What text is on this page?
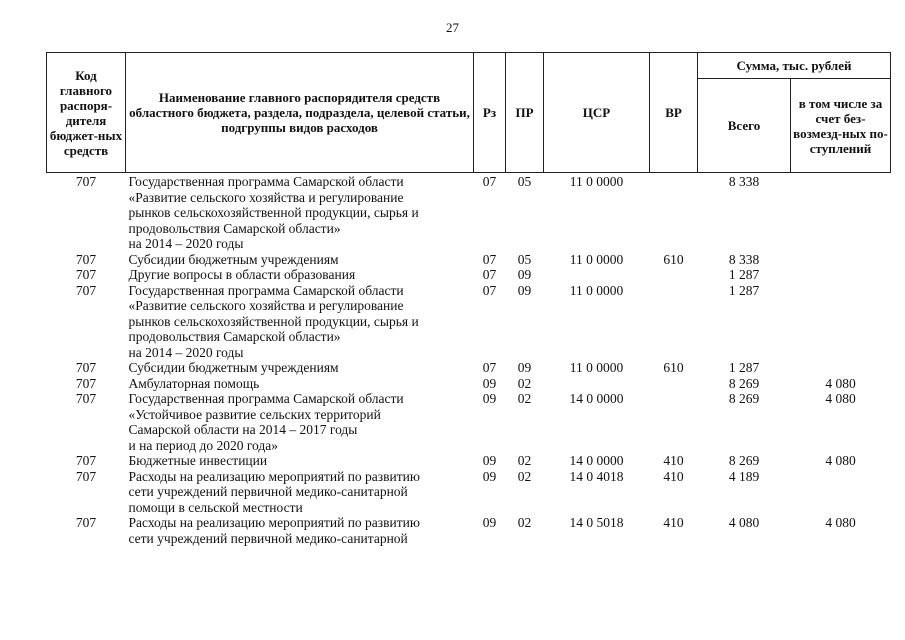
27
Код главного распоря-дителя бюджет-ных средств	Наименование главного распорядителя средств областного бюджета, раздела, подраздела, целевой статьи, подгруппы видов расходов	Рз	ПР	ЦСР	ВР	Сумма, тыс. рублей	
						Всего	в том числе за счет без-возмезд-ных по-ступлений
707	Государственная программа Самарской области
«Развитие сельского хозяйства и регулирование
рынков сельскохозяйственной продукции, сырья и
продовольствия Самарской области»
на 2014 – 2020 годы	07	05	11 0 0000		8 338	
707	Субсидии бюджетным учреждениям	07	05	11 0 0000	610	8 338	
707	Другие вопросы в области образования	07	09			1 287	
707	Государственная программа Самарской области
«Развитие сельского хозяйства и регулирование
рынков сельскохозяйственной продукции, сырья и
продовольствия Самарской области»
на 2014 – 2020 годы	07	09	11 0 0000		1 287	
707	Субсидии бюджетным учреждениям	07	09	11 0 0000	610	1 287	
707	Амбулаторная помощь	09	02			8 269	4 080
707	Государственная программа Самарской области
«Устойчивое развитие сельских территорий
Самарской области на 2014 – 2017 годы
и на период до 2020 года»	09	02	14 0 0000		8 269	4 080
707	Бюджетные инвестиции	09	02	14 0 0000	410	8 269	4 080
707	Расходы на реализацию мероприятий по развитию
сети учреждений первичной медико-санитарной
помощи в сельской местности	09	02	14 0 4018	410	4 189	
707	Расходы на реализацию мероприятий по развитию
сети учреждений первичной медико-санитарной	09	02	14 0 5018	410	4 080	4 080
